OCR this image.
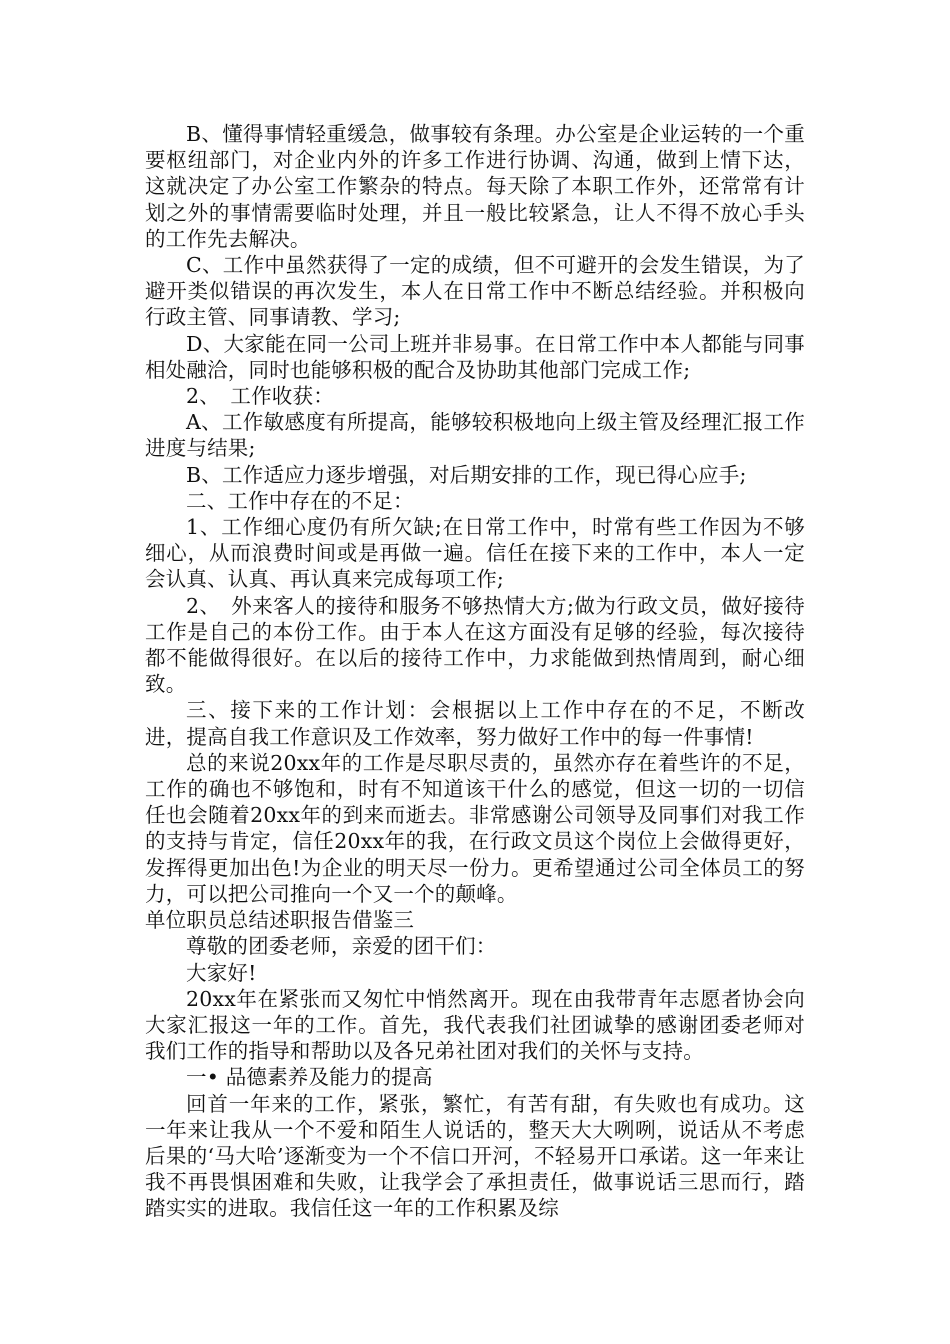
B、懂得事情轻重缓急，做事较有条理。办公室是企业运转的一个重要枢纽部门，对企业内外的许多工作进行协调、沟通，做到上情下达，这就决定了办公室工作繁杂的特点。每天除了本职工作外，还常常有计划之外的事情需要临时处理，并且一般比较紧急，让人不得不放心手头的工作先去解决。

C、工作中虽然获得了一定的成绩，但不可避开的会发生错误，为了避开类似错误的再次发生，本人在日常工作中不断总结经验。并积极向行政主管、同事请教、学习;

D、大家能在同一公司上班并非易事。在日常工作中本人都能与同事相处融洽，同时也能够积极的配合及协助其他部门完成工作;

2、　工作收获：

A、工作敏感度有所提高，能够较积极地向上级主管及经理汇报工作进度与结果;

B、工作适应力逐步增强，对后期安排的工作，现已得心应手;

二、工作中存在的不足：

1、工作细心度仍有所欠缺;在日常工作中，时常有些工作因为不够细心，从而浪费时间或是再做一遍。信任在接下来的工作中，本人一定会认真、认真、再认真来完成每项工作;

2、　外来客人的接待和服务不够热情大方;做为行政文员，做好接待工作是自己的本份工作。由于本人在这方面没有足够的经验，每次接待都不能做得很好。在以后的接待工作中，力求能做到热情周到，耐心细致。

三、接下来的工作计划：会根据以上工作中存在的不足，不断改进，提高自我工作意识及工作效率，努力做好工作中的每一件事情!

总的来说20xx年的工作是尽职尽责的，虽然亦存在着些许的不足，工作的确也不够饱和，时有不知道该干什么的感觉，但这一切的一切信任也会随着20xx年的到来而逝去。非常感谢公司领导及同事们对我工作的支持与肯定，信任20xx年的我，在行政文员这个岗位上会做得更好，发挥得更加出色!为企业的明天尽一份力。更希望通过公司全体员工的努力，可以把公司推向一个又一个的颠峰。

单位职员总结述职报告借鉴三

尊敬的团委老师，亲爱的团干们：

大家好!

20xx年在紧张而又匆忙中悄然离开。现在由我带青年志愿者协会向大家汇报这一年的工作。首先，我代表我们社团诚挚的感谢团委老师对我们工作的指导和帮助以及各兄弟社团对我们的关怀与支持。

一• 品德素养及能力的提高

回首一年来的工作，紧张，繁忙，有苦有甜，有失败也有成功。这一年来让我从一个不爱和陌生人说话的，整天大大咧咧，说话从不考虑后果的‘马大哈’逐渐变为一个不信口开河，不轻易开口承诺。这一年来让我不再畏惧困难和失败，让我学会了承担责任，做事说话三思而行，踏踏实实的进取。我信任这一年的工作积累及综
